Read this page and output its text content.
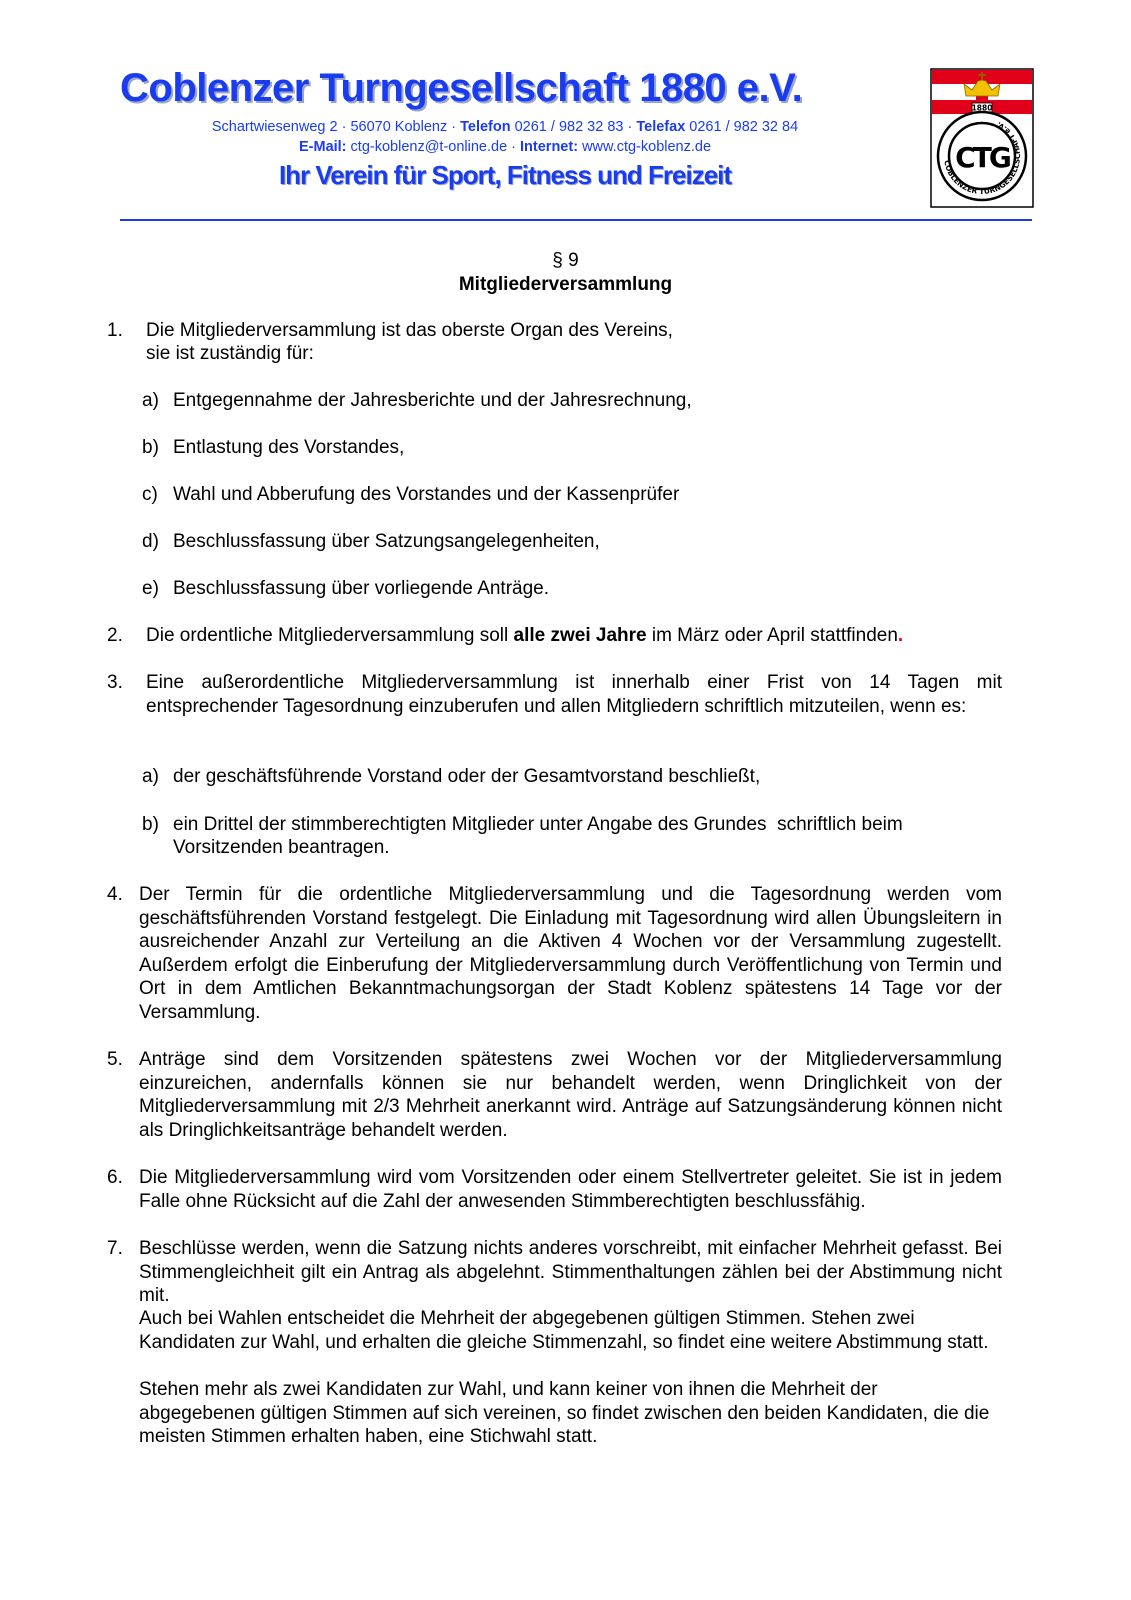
Coblenzer Turngesellschaft 1880 e.V.
Schartwiesenweg 2 · 56070 Koblenz · Telefon 0261 / 982 32 83 · Telefax 0261 / 982 32 84
E-Mail: ctg-koblenz@t-online.de · Internet: www.ctg-koblenz.de
Ihr Verein für Sport, Fitness und Freizeit
1880
COBLENZER TURNGESELLSCHAFT e.V.
CTG
§ 9
Mitgliederversammlung
1. Die Mitgliederversammlung ist das oberste Organ des Vereins,
sie ist zuständig für:
a) Entgegennahme der Jahresberichte und der Jahresrechnung,
b) Entlastung des Vorstandes,
c) Wahl und Abberufung des Vorstandes und der Kassenprüfer
d) Beschlussfassung über Satzungsangelegenheiten,
e) Beschlussfassung über vorliegende Anträge.
2. Die ordentliche Mitgliederversammlung soll alle zwei Jahre im März oder April stattfinden.
3. Eine außerordentliche Mitgliederversammlung ist innerhalb einer Frist von 14 Tagen mit entsprechender Tagesordnung einzuberufen und allen Mitgliedern schriftlich mitzuteilen, wenn es:
a) der geschäftsführende Vorstand oder der Gesamtvorstand beschließt,
b) ein Drittel der stimmberechtigten Mitglieder unter Angabe des Grundes  schriftlich beim
Vorsitzenden beantragen.
4. Der Termin für die ordentliche Mitgliederversammlung und die Tagesordnung werden vom geschäftsführenden Vorstand festgelegt. Die Einladung mit Tagesordnung wird allen Übungsleitern in ausreichender Anzahl zur Verteilung an die Aktiven 4 Wochen vor der Versammlung zugestellt. Außerdem erfolgt die Einberufung der Mitgliederversammlung durch Veröffentlichung von Termin und Ort in dem Amtlichen Bekanntmachungsorgan der Stadt Koblenz spätestens 14 Tage vor der Versammlung.
5. Anträge sind dem Vorsitzenden spätestens zwei Wochen vor der Mitgliederversammlung einzureichen, andernfalls können sie nur behandelt werden, wenn Dringlichkeit von der Mitgliederversammlung mit 2/3 Mehrheit anerkannt wird. Anträge auf Satzungsänderung können nicht als Dringlichkeitsanträge behandelt werden.
6. Die Mitgliederversammlung wird vom Vorsitzenden oder einem Stellvertreter geleitet. Sie ist in jedem Falle ohne Rücksicht auf die Zahl der anwesenden Stimmberechtigten beschlussfähig.
7. Beschlüsse werden, wenn die Satzung nichts anderes vorschreibt, mit einfacher Mehrheit gefasst. Bei Stimmengleichheit gilt ein Antrag als abgelehnt. Stimmenthaltungen zählen bei der Abstimmung nicht mit.
Auch bei Wahlen entscheidet die Mehrheit der abgegebenen gültigen Stimmen. Stehen zwei Kandidaten zur Wahl, und erhalten die gleiche Stimmenzahl, so findet eine weitere Abstimmung statt.
Stehen mehr als zwei Kandidaten zur Wahl, und kann keiner von ihnen die Mehrheit der abgegebenen gültigen Stimmen auf sich vereinen, so findet zwischen den beiden Kandidaten, die die meisten Stimmen erhalten haben, eine Stichwahl statt.
